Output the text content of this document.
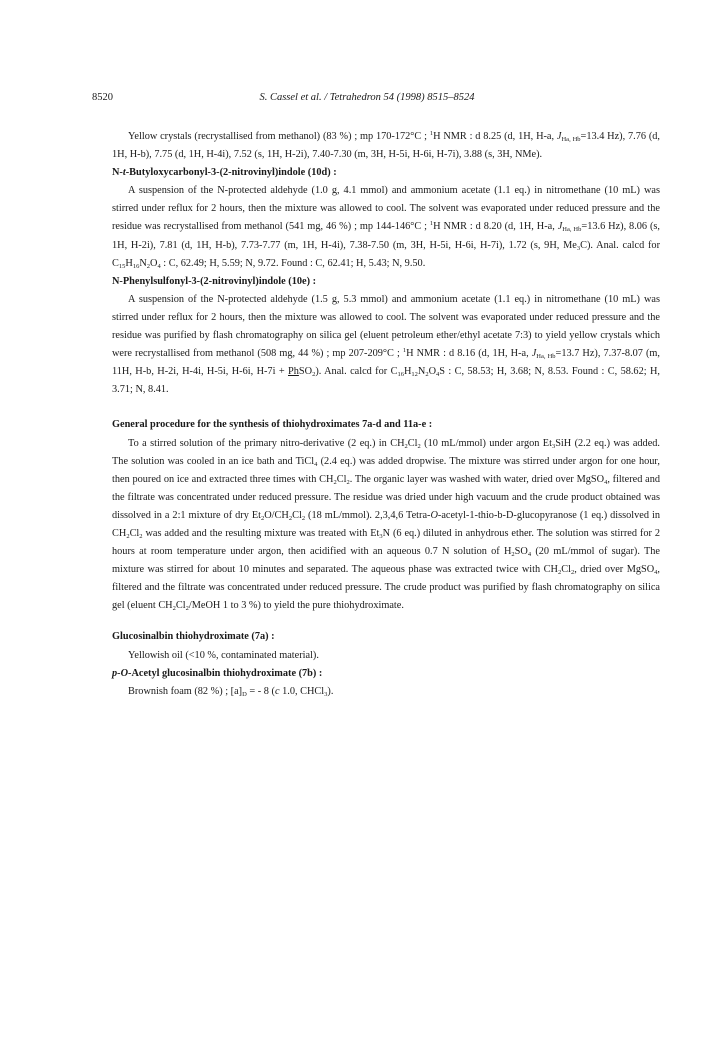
8520	S. Cassel et al. / Tetrahedron 54 (1998) 8515–8524

Yellow crystals (recrystallised from methanol) (83 %) ; mp 170-172°C ; $^1$H NMR : d 8.25 (d, 1H, H-a, $J_{Ha, Hb}=13.4$ Hz), 7.76 (d, 1H, H-b), 7.75 (d, 1H, H-4i), 7.52 (s, 1H, H-2i), 7.40-7.30 (m, 3H, H-5i, H-6i, H-7i), 3.88 (s, 3H, NMe).

N-t-Butyloxycarbonyl-3-(2-nitrovinyl)indole (10d) :

A suspension of the N-protected aldehyde (1.0 g, 4.1 mmol) and ammonium acetate (1.1 eq.) in nitromethane (10 mL) was stirred under reflux for 2 hours, then the mixture was allowed to cool. The solvent was evaporated under reduced pressure and the residue was recrystallised from methanol (541 mg, 46 %) ; mp 144-146°C ; $^1$H NMR : d 8.20 (d, 1H, H-a, $J_{Ha, Hb}=13.6$ Hz), 8.06 (s, 1H, H-2i), 7.81 (d, 1H, H-b), 7.73-7.77 (m, 1H, H-4i), 7.38-7.50 (m, 3H, H-5i, H-6i, H-7i), 1.72 (s, 9H, $Me_3C$). Anal. calcd for $C_{15}H_{16}N_2O_4$ : C, 62.49; H, 5.59; N, 9.72. Found : C, 62.41; H, 5.43; N, 9.50.

N-Phenylsulfonyl-3-(2-nitrovinyl)indole (10e) :

A suspension of the N-protected aldehyde (1.5 g, 5.3 mmol) and ammonium acetate (1.1 eq.) in nitromethane (10 mL) was stirred under reflux for 2 hours, then the mixture was allowed to cool. The solvent was evaporated under reduced pressure and the residue was purified by flash chromatography on silica gel (eluent petroleum ether/ethyl acetate 7:3) to yield yellow crystals which were recrystallised from methanol (508 mg, 44 %) ; mp 207-209°C ; $^1$H NMR : d 8.16 (d, 1H, H-a, $J_{Ha, Hb}=13.7$ Hz), 7.37-8.07 (m, 11H, H-b, H-2i, H-4i, H-5i, H-6i, H-7i + PhSO$_2$). Anal. calcd for $C_{16}H_{12}N_2O_4S$ : C, 58.53; H, 3.68; N, 8.53. Found : C, 58.62; H, 3.71; N, 8.41.

General procedure for the synthesis of thiohydroximates 7a-d and 11a-e :

To a stirred solution of the primary nitro-derivative (2 eq.) in $CH_2Cl_2$ (10 mL/mmol) under argon $Et_3SiH$ (2.2 eq.) was added. The solution was cooled in an ice bath and TiCl$_4$ (2.4 eq.) was added dropwise. The mixture was stirred under argon for one hour, then poured on ice and extracted three times with $CH_2Cl_2$. The organic layer was washed with water, dried over MgSO$_4$, filtered and the filtrate was concentrated under reduced pressure. The residue was dried under high vacuum and the crude product obtained was dissolved in a 2:1 mixture of dry $Et_2O/CH_2Cl_2$ (18 mL/mmol). 2,3,4,6 Tetra-O-acetyl-1-thio-b-D-glucopyranose (1 eq.) dissolved in $CH_2Cl_2$ was added and the resulting mixture was treated with $Et_3N$ (6 eq.) diluted in anhydrous ether. The solution was stirred for 2 hours at room temperature under argon, then acidified with an aqueous 0.7 N solution of $H_2SO_4$ (20 mL/mmol of sugar). The mixture was stirred for about 10 minutes and separated. The aqueous phase was extracted twice with $CH_2Cl_2$, dried over MgSO$_4$, filtered and the filtrate was concentrated under reduced pressure. The crude product was purified by flash chromatography on silica gel (eluent $CH_2Cl_2$/MeOH 1 to 3 %) to yield the pure thiohydroximate.

Glucosinalbin thiohydroximate (7a) :

Yellowish oil (<10 %, contaminated material).

p-O-Acetyl glucosinalbin thiohydroximate (7b) :

Brownish foam (82 %) ; $[a]_D$ = - 8 (c 1.0, CHCl$_3$).
